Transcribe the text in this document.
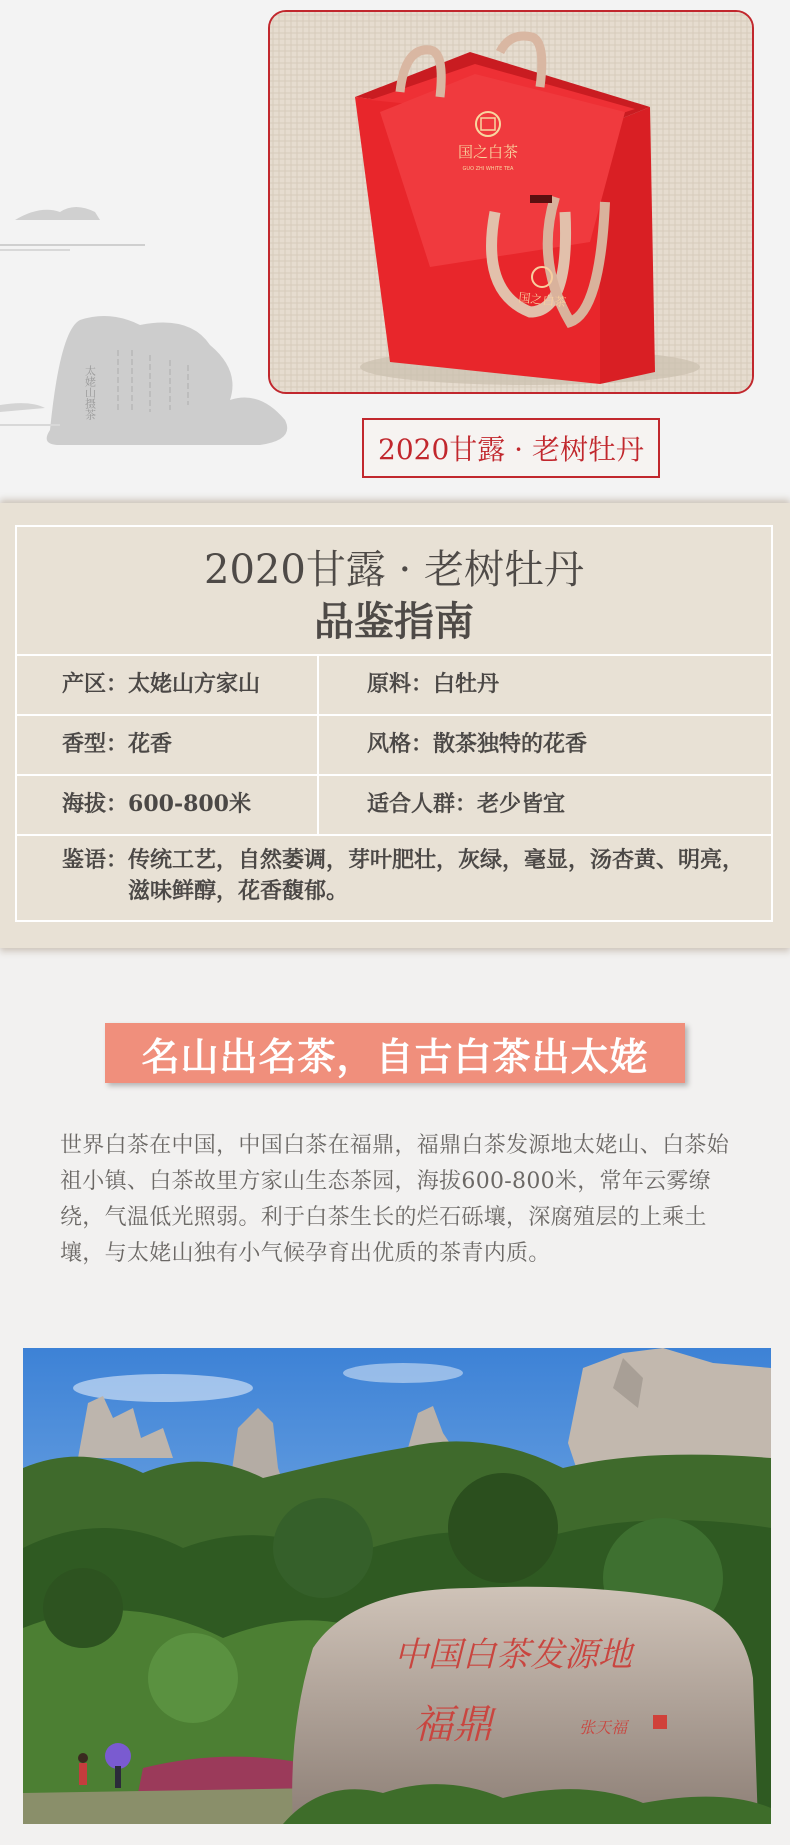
太姥山摄茶
国之白茶
GUO ZHI WHITE TEA
国之白茶
2020甘露 · 老树牡丹
2020甘露 · 老树牡丹
品鉴指南
产区：太姥山方家山	原料：白牡丹
香型：花香	风格：散茶独特的花香
海拔：600-800米	适合人群：老少皆宜
鉴语： 传统工艺，自然萎调，芽叶肥壮，灰绿，毫显，汤杏黄、明亮，滋味鲜醇，花香馥郁。
名山出名茶，自古白茶出太姥
世界白茶在中国，中国白茶在福鼎，福鼎白茶发源地太姥山、白茶始祖小镇、白茶故里方家山生态茶园，海拔600-800米，常年云雾缭绕，气温低光照弱。利于白茶生长的烂石砾壤，深腐殖层的上乘土壤，与太姥山独有小气候孕育出优质的茶青内质。
中国白茶发源地
福鼎	张天福
